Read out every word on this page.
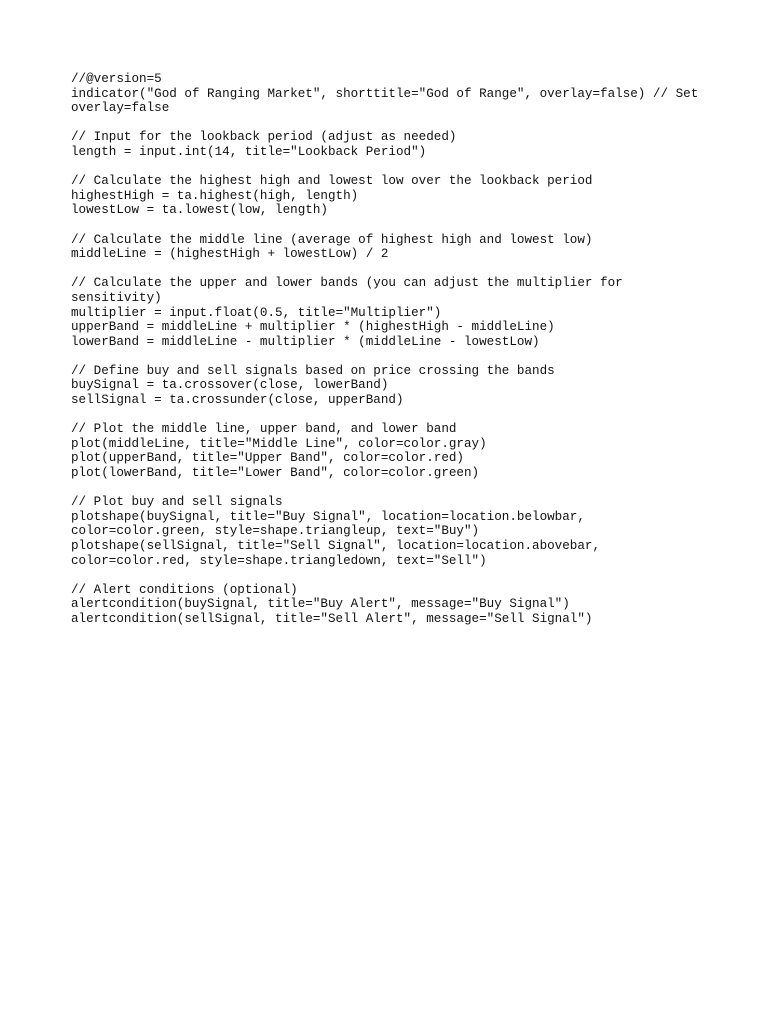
//@version=5
indicator("God of Ranging Market", shorttitle="God of Range", overlay=false) // Set
overlay=false
// Input for the lookback period (adjust as needed)
length = input.int(14, title="Lookback Period")
// Calculate the highest high and lowest low over the lookback period
highestHigh = ta.highest(high, length)
lowestLow = ta.lowest(low, length)
// Calculate the middle line (average of highest high and lowest low)
middleLine = (highestHigh + lowestLow) / 2
// Calculate the upper and lower bands (you can adjust the multiplier for
sensitivity)
multiplier = input.float(0.5, title="Multiplier")
upperBand = middleLine + multiplier * (highestHigh - middleLine)
lowerBand = middleLine - multiplier * (middleLine - lowestLow)
// Define buy and sell signals based on price crossing the bands
buySignal = ta.crossover(close, lowerBand)
sellSignal = ta.crossunder(close, upperBand)
// Plot the middle line, upper band, and lower band
plot(middleLine, title="Middle Line", color=color.gray)
plot(upperBand, title="Upper Band", color=color.red)
plot(lowerBand, title="Lower Band", color=color.green)
// Plot buy and sell signals
plotshape(buySignal, title="Buy Signal", location=location.belowbar,
color=color.green, style=shape.triangleup, text="Buy")
plotshape(sellSignal, title="Sell Signal", location=location.abovebar,
color=color.red, style=shape.triangledown, text="Sell")
// Alert conditions (optional)
alertcondition(buySignal, title="Buy Alert", message="Buy Signal")
alertcondition(sellSignal, title="Sell Alert", message="Sell Signal")
